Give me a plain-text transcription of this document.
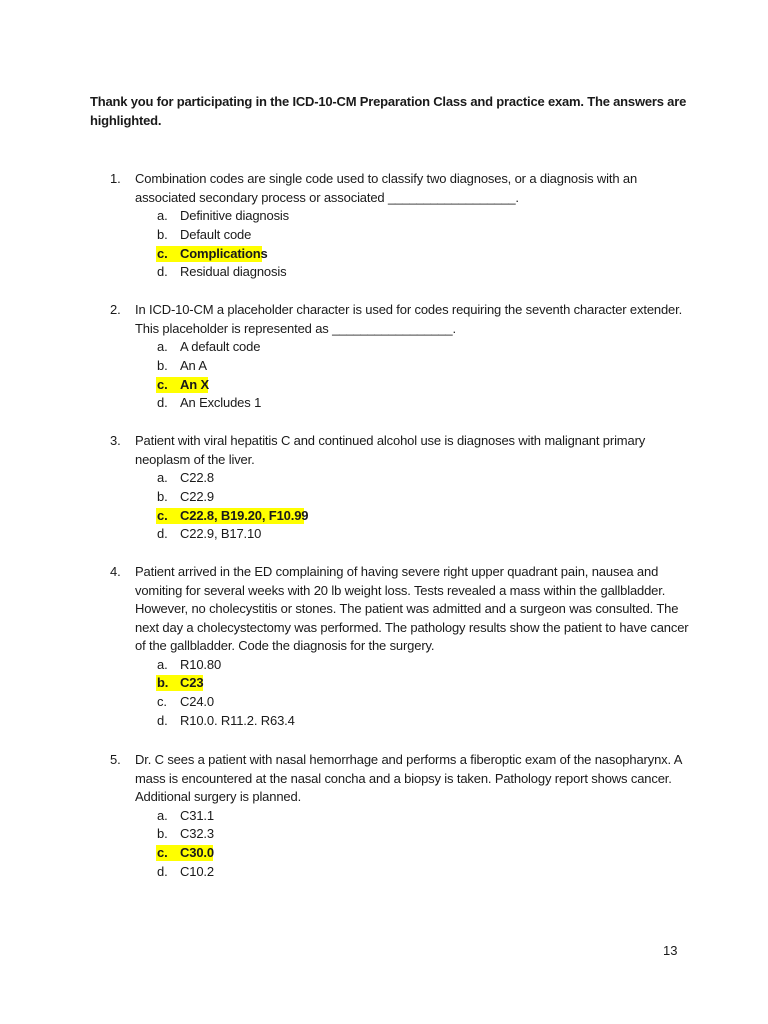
Thank you for participating in the ICD-10-CM Preparation Class and practice exam. The answers are highlighted.
1.	Combination codes are single code used to classify two diagnoses, or a diagnosis with an associated secondary process or associated __________________.
a. Definitive diagnosis
b. Default code
c. Complications
d. Residual diagnosis
2.	In ICD-10-CM a placeholder character is used for codes requiring the seventh character extender. This placeholder is represented as _________________.
a. A default code
b. An A
c. An X
d. An Excludes 1
3.	Patient with viral hepatitis C and continued alcohol use is diagnoses with malignant primary neoplasm of the liver.
a. C22.8
b. C22.9
c. C22.8, B19.20, F10.99
d. C22.9, B17.10
4.	Patient arrived in the ED complaining of having severe right upper quadrant pain, nausea and vomiting for several weeks with 20 lb weight loss. Tests revealed a mass within the gallbladder. However, no cholecystitis or stones. The patient was admitted and a surgeon was consulted. The next day a cholecystectomy was performed. The pathology results show the patient to have cancer of the gallbladder. Code the diagnosis for the surgery.
a. R10.80
b. C23
c.	C24.0
d. R10.0. R11.2. R63.4
5.	Dr. C sees a patient with nasal hemorrhage and performs a fiberoptic exam of the nasopharynx. A mass is encountered at the nasal concha and a biopsy is taken. Pathology report shows cancer. Additional surgery is planned.
a. C31.1
b. C32.3
c. C30.0
d. C10.2
13
